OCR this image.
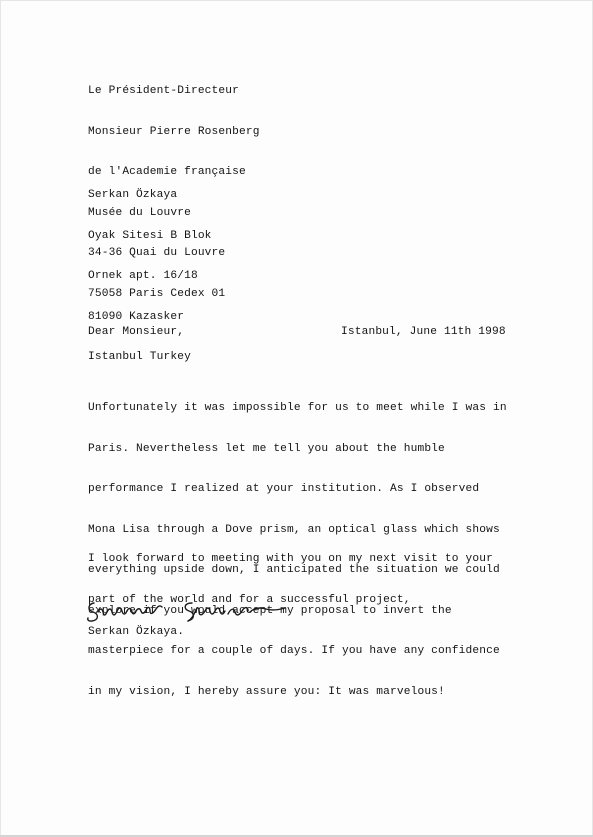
Le Président-Directeur

Monsieur Pierre Rosenberg

de l'Academie française

Musée du Louvre

34-36 Quai du Louvre

75058 Paris Cedex 01

Serkan Özkaya

Oyak Sitesi B Blok

Ornek apt. 16/18

81090 Kazasker

Istanbul Turkey

Dear Monsieur,	Istanbul, June 11th 1998

Unfortunately it was impossible for us to meet while I was in

Paris. Nevertheless let me tell you about the humble

performance I realized at your institution. As I observed

Mona Lisa through a Dove prism, an optical glass which shows

everything upside down, I anticipated the situation we could

explore if you would accept my proposal to invert the

masterpiece for a couple of days. If you have any confidence

in my vision, I hereby assure you: It was marvelous!

I look forward to meeting with you on my next visit to your

part of the world and for a successful project,

Serkan Özkaya.
